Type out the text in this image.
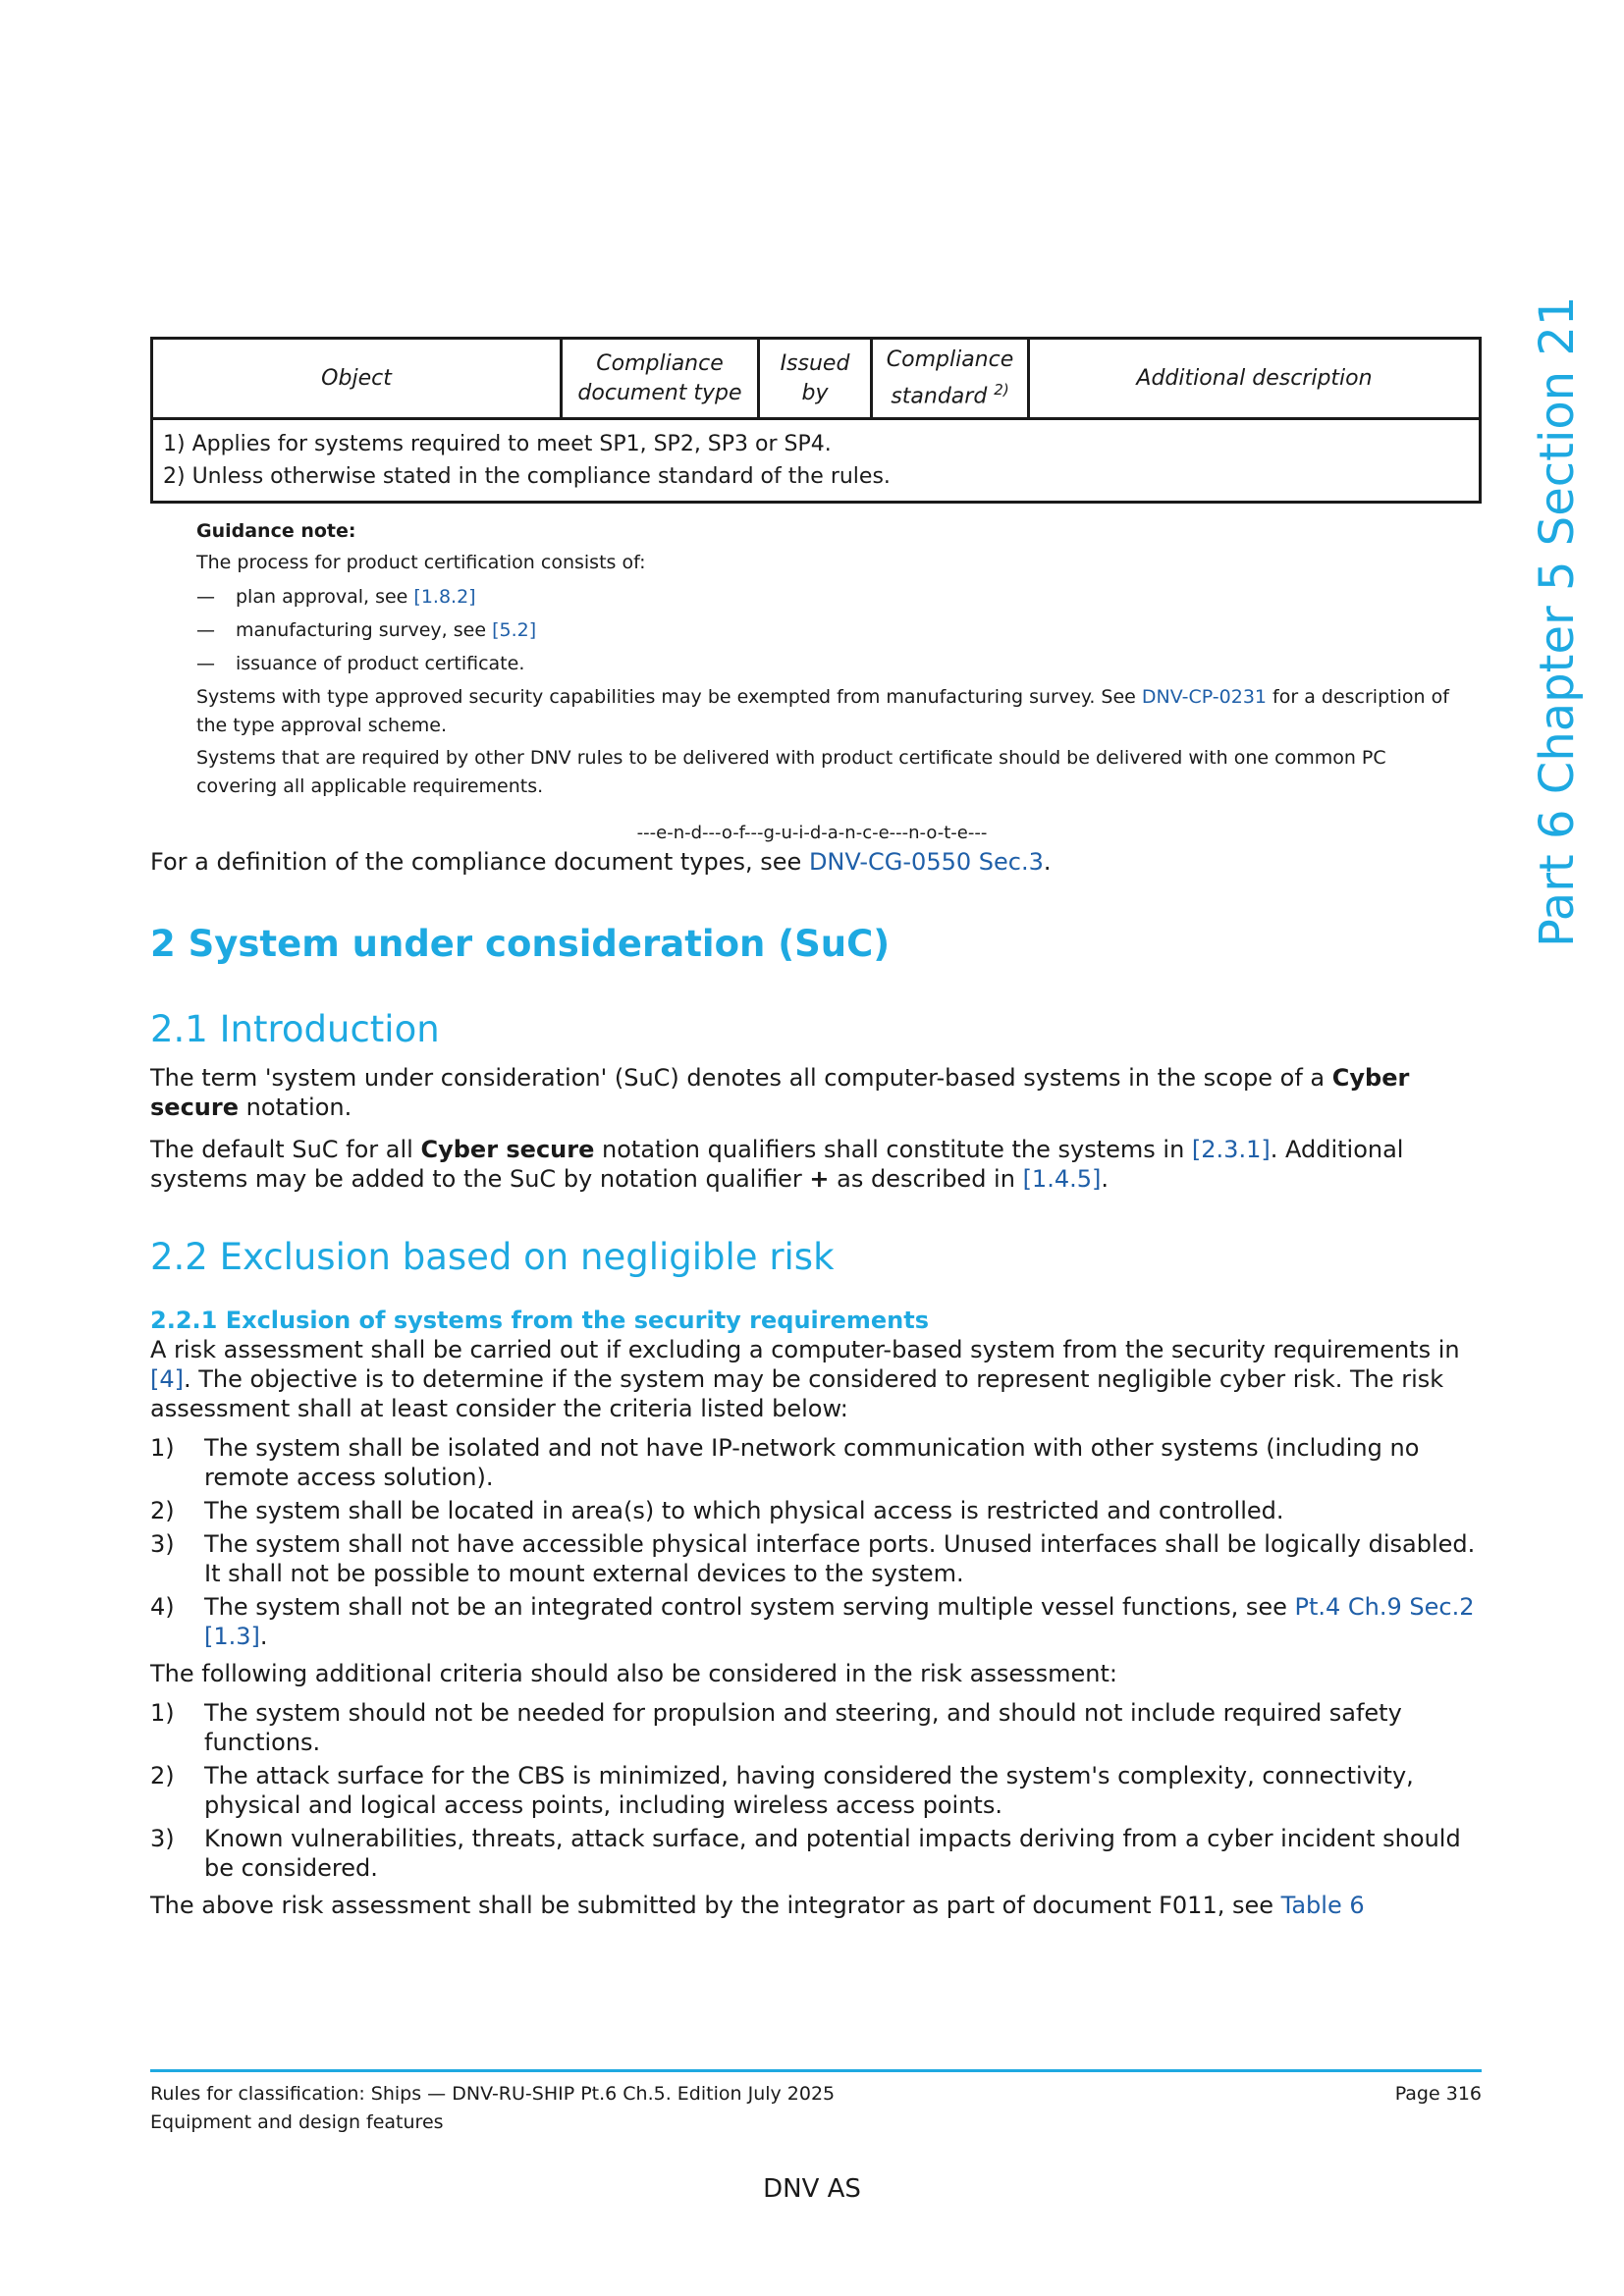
Part 6 Chapter 5 Section 21
Object	Compliance document type	Issued by	Compliance standard $^{2)}$	Additional description

1) Applies for systems required to meet SP1, SP2, SP3 or SP4.
2) Unless otherwise stated in the compliance standard of the rules.
Guidance note:

The process for product certification consists of:

—	plan approval, see [1.8.2]
—	manufacturing survey, see [5.2]
—	issuance of product certificate.

Systems with type approved security capabilities may be exempted from manufacturing survey. See DNV-CP-0231 for a description of the type approval scheme.

Systems that are required by other DNV rules to be delivered with product certificate should be delivered with one common PC covering all applicable requirements.

---e-n-d---o-f---g-u-i-d-a-n-c-e---n-o-t-e---

For a definition of the compliance document types, see DNV-CG-0550 Sec.3.

2 System under consideration (SuC)
2.1 Introduction

The term 'system under consideration' (SuC) denotes all computer-based systems in the scope of a Cyber secure notation.

The default SuC for all Cyber secure notation qualifiers shall constitute the systems in [2.3.1]. Additional systems may be added to the SuC by notation qualifier + as described in [1.4.5].

2.2 Exclusion based on negligible risk
2.2.1 Exclusion of systems from the security requirements

A risk assessment shall be carried out if excluding a computer-based system from the security requirements in [4]. The objective is to determine if the system may be considered to represent negligible cyber risk. The risk assessment shall at least consider the criteria listed below:

1)	The system shall be isolated and not have IP-network communication with other systems (including no remote access solution).
2)	The system shall be located in area(s) to which physical access is restricted and controlled.
3)	The system shall not have accessible physical interface ports. Unused interfaces shall be logically disabled. It shall not be possible to mount external devices to the system.
4)	The system shall not be an integrated control system serving multiple vessel functions, see Pt.4 Ch.9 Sec.2 [1.3].

The following additional criteria should also be considered in the risk assessment:

1)	The system should not be needed for propulsion and steering, and should not include required safety functions.
2)	The attack surface for the CBS is minimized, having considered the system's complexity, connectivity, physical and logical access points, including wireless access points.
3)	Known vulnerabilities, threats, attack surface, and potential impacts deriving from a cyber incident should be considered.

The above risk assessment shall be submitted by the integrator as part of document F011, see Table 6

Rules for classification: Ships — DNV-RU-SHIP Pt.6 Ch.5. Edition July 2025
Equipment and design features
Page 316
DNV AS
